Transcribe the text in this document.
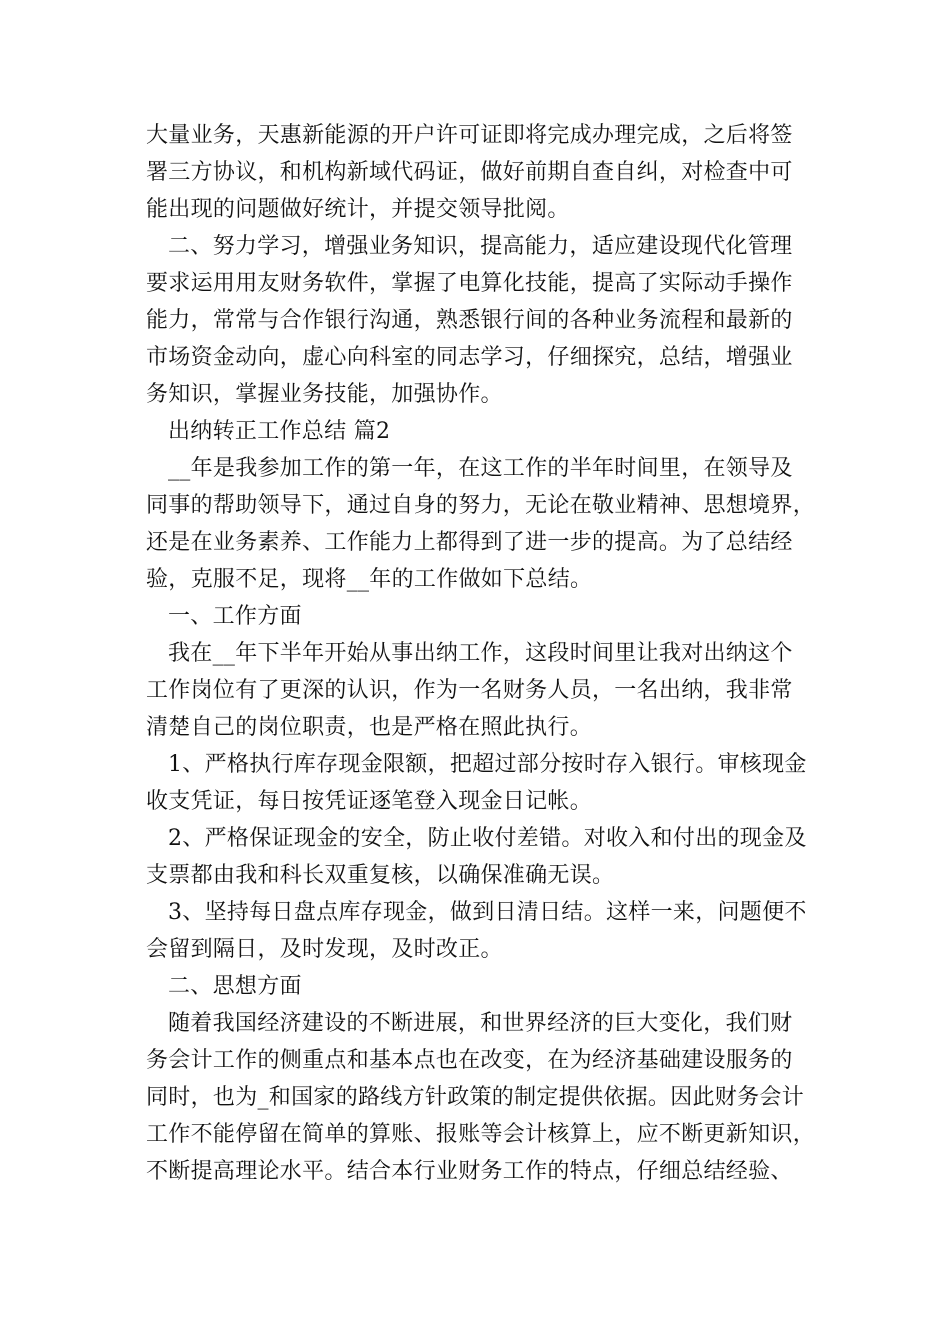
大量业务，天惠新能源的开户许可证即将完成办理完成，之后将签
署三方协议，和机构新域代码证，做好前期自查自纠，对检查中可
能出现的问题做好统计，并提交领导批阅。
二、努力学习，增强业务知识，提高能力，适应建设现代化管理
要求运用用友财务软件，掌握了电算化技能，提高了实际动手操作
能力，常常与合作银行沟通，熟悉银行间的各种业务流程和最新的
市场资金动向，虚心向科室的同志学习，仔细探究，总结，增强业
务知识，掌握业务技能，加强协作。
出纳转正工作总结 篇2
__年是我参加工作的第一年，在这工作的半年时间里，在领导及
同事的帮助领导下，通过自身的努力，无论在敬业精神、思想境界，
还是在业务素养、工作能力上都得到了进一步的提高。为了总结经
验，克服不足，现将__年的工作做如下总结。
一、工作方面
我在__年下半年开始从事出纳工作，这段时间里让我对出纳这个
工作岗位有了更深的认识，作为一名财务人员，一名出纳，我非常
清楚自己的岗位职责，也是严格在照此执行。
1、严格执行库存现金限额，把超过部分按时存入银行。审核现金
收支凭证，每日按凭证逐笔登入现金日记帐。
2、严格保证现金的安全，防止收付差错。对收入和付出的现金及
支票都由我和科长双重复核，以确保准确无误。
3、坚持每日盘点库存现金，做到日清日结。这样一来，问题便不
会留到隔日，及时发现，及时改正。
二、思想方面
随着我国经济建设的不断进展，和世界经济的巨大变化，我们财
务会计工作的侧重点和基本点也在改变，在为经济基础建设服务的
同时，也为_和国家的路线方针政策的制定提供依据。因此财务会计
工作不能停留在简单的算账、报账等会计核算上，应不断更新知识，
不断提高理论水平。结合本行业财务工作的特点，仔细总结经验、
